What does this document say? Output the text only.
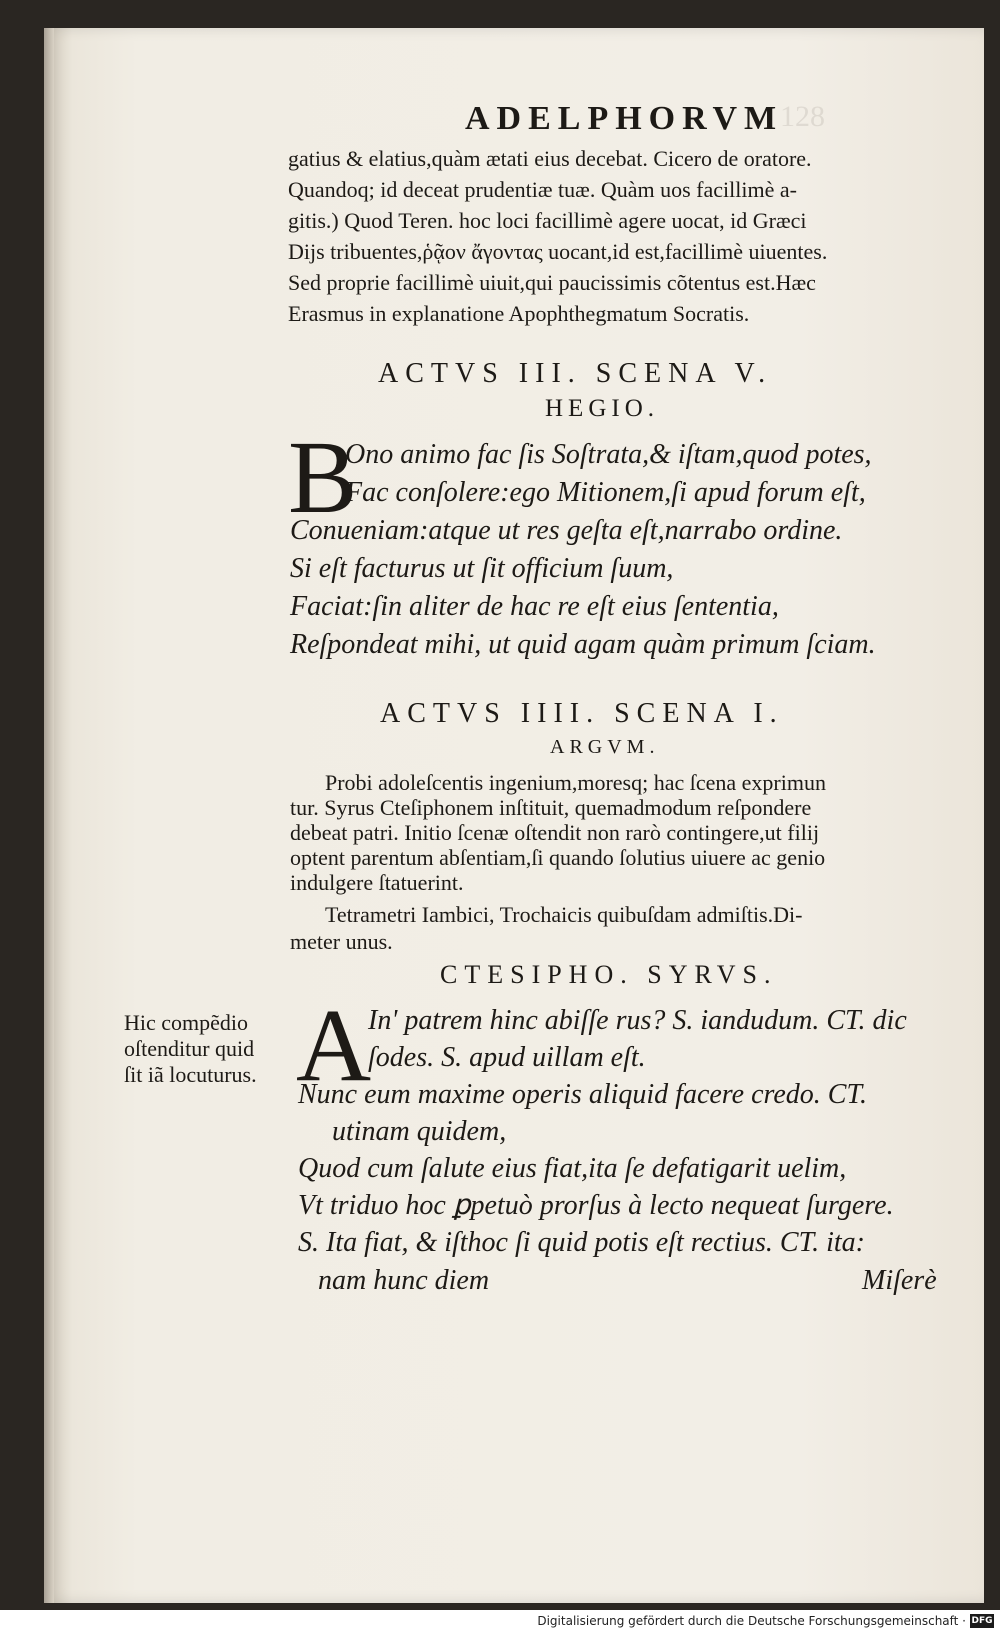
128
ADELPHORVM
gatius & elatius,quàm ætati eius decebat. Cicero de oratore.
Quandoq; id deceat prudentiæ tuæ. Quàm uos facillimè a-
gitis.) Quod Teren. hoc loci facillimè agere uocat, id Græci
Dijs tribuentes,ῥᾷον ἄγοντας uocant,id est,facillimè uiuentes.
Sed proprie facillimè uiuit,qui paucissimis cõtentus est.Hæc
Erasmus in explanatione Apophthegmatum Socratis.
ACTVS III. SCENA V.
HEGIO.
B
Ono animo fac ſis Soſtrata,& iſtam,quod potes,
Fac conſolere:ego Mitionem,ſi apud forum eſt,
Conueniam:atque ut res geſta eſt,narrabo ordine.
Si eſt facturus ut ſit officium ſuum,
Faciat:ſin aliter de hac re eſt eius ſententia,
Reſpondeat mihi, ut quid agam quàm primum ſciam.
ACTVS IIII. SCENA I.
ARGVM.
Probi adoleſcentis ingenium,moresq; hac ſcena exprimun
tur. Syrus Cteſiphonem inſtituit, quemadmodum reſpondere
debeat patri. Initio ſcenæ oſtendit non rarò contingere,ut filij
optent parentum abſentiam,ſi quando ſolutius uiuere ac genio
indulgere ſtatuerint.
Tetrametri Iambici, Trochaicis quibuſdam admiſtis.Di-
meter unus.
CTESIPHO. SYRVS.
Hic compẽdio
oſtenditur quid
ſit iã locuturus. A
In' patrem hinc abiſſe rus? S. iandudum. CT. dic
ſodes. S. apud uillam eſt.
Nunc eum maxime operis aliquid facere credo. CT.
utinam quidem,
Quod cum ſalute eius fiat,ita ſe defatigarit uelim,
Vt triduo hoc ꝑpetuò prorſus à lecto nequeat ſurgere.
S. Ita fiat, & iſthoc ſi quid potis eſt rectius. CT. ita:
nam hunc diem	Miſerè
Digitalisierung gefördert durch die Deutsche Forschungsgemeinschaft · DFG
